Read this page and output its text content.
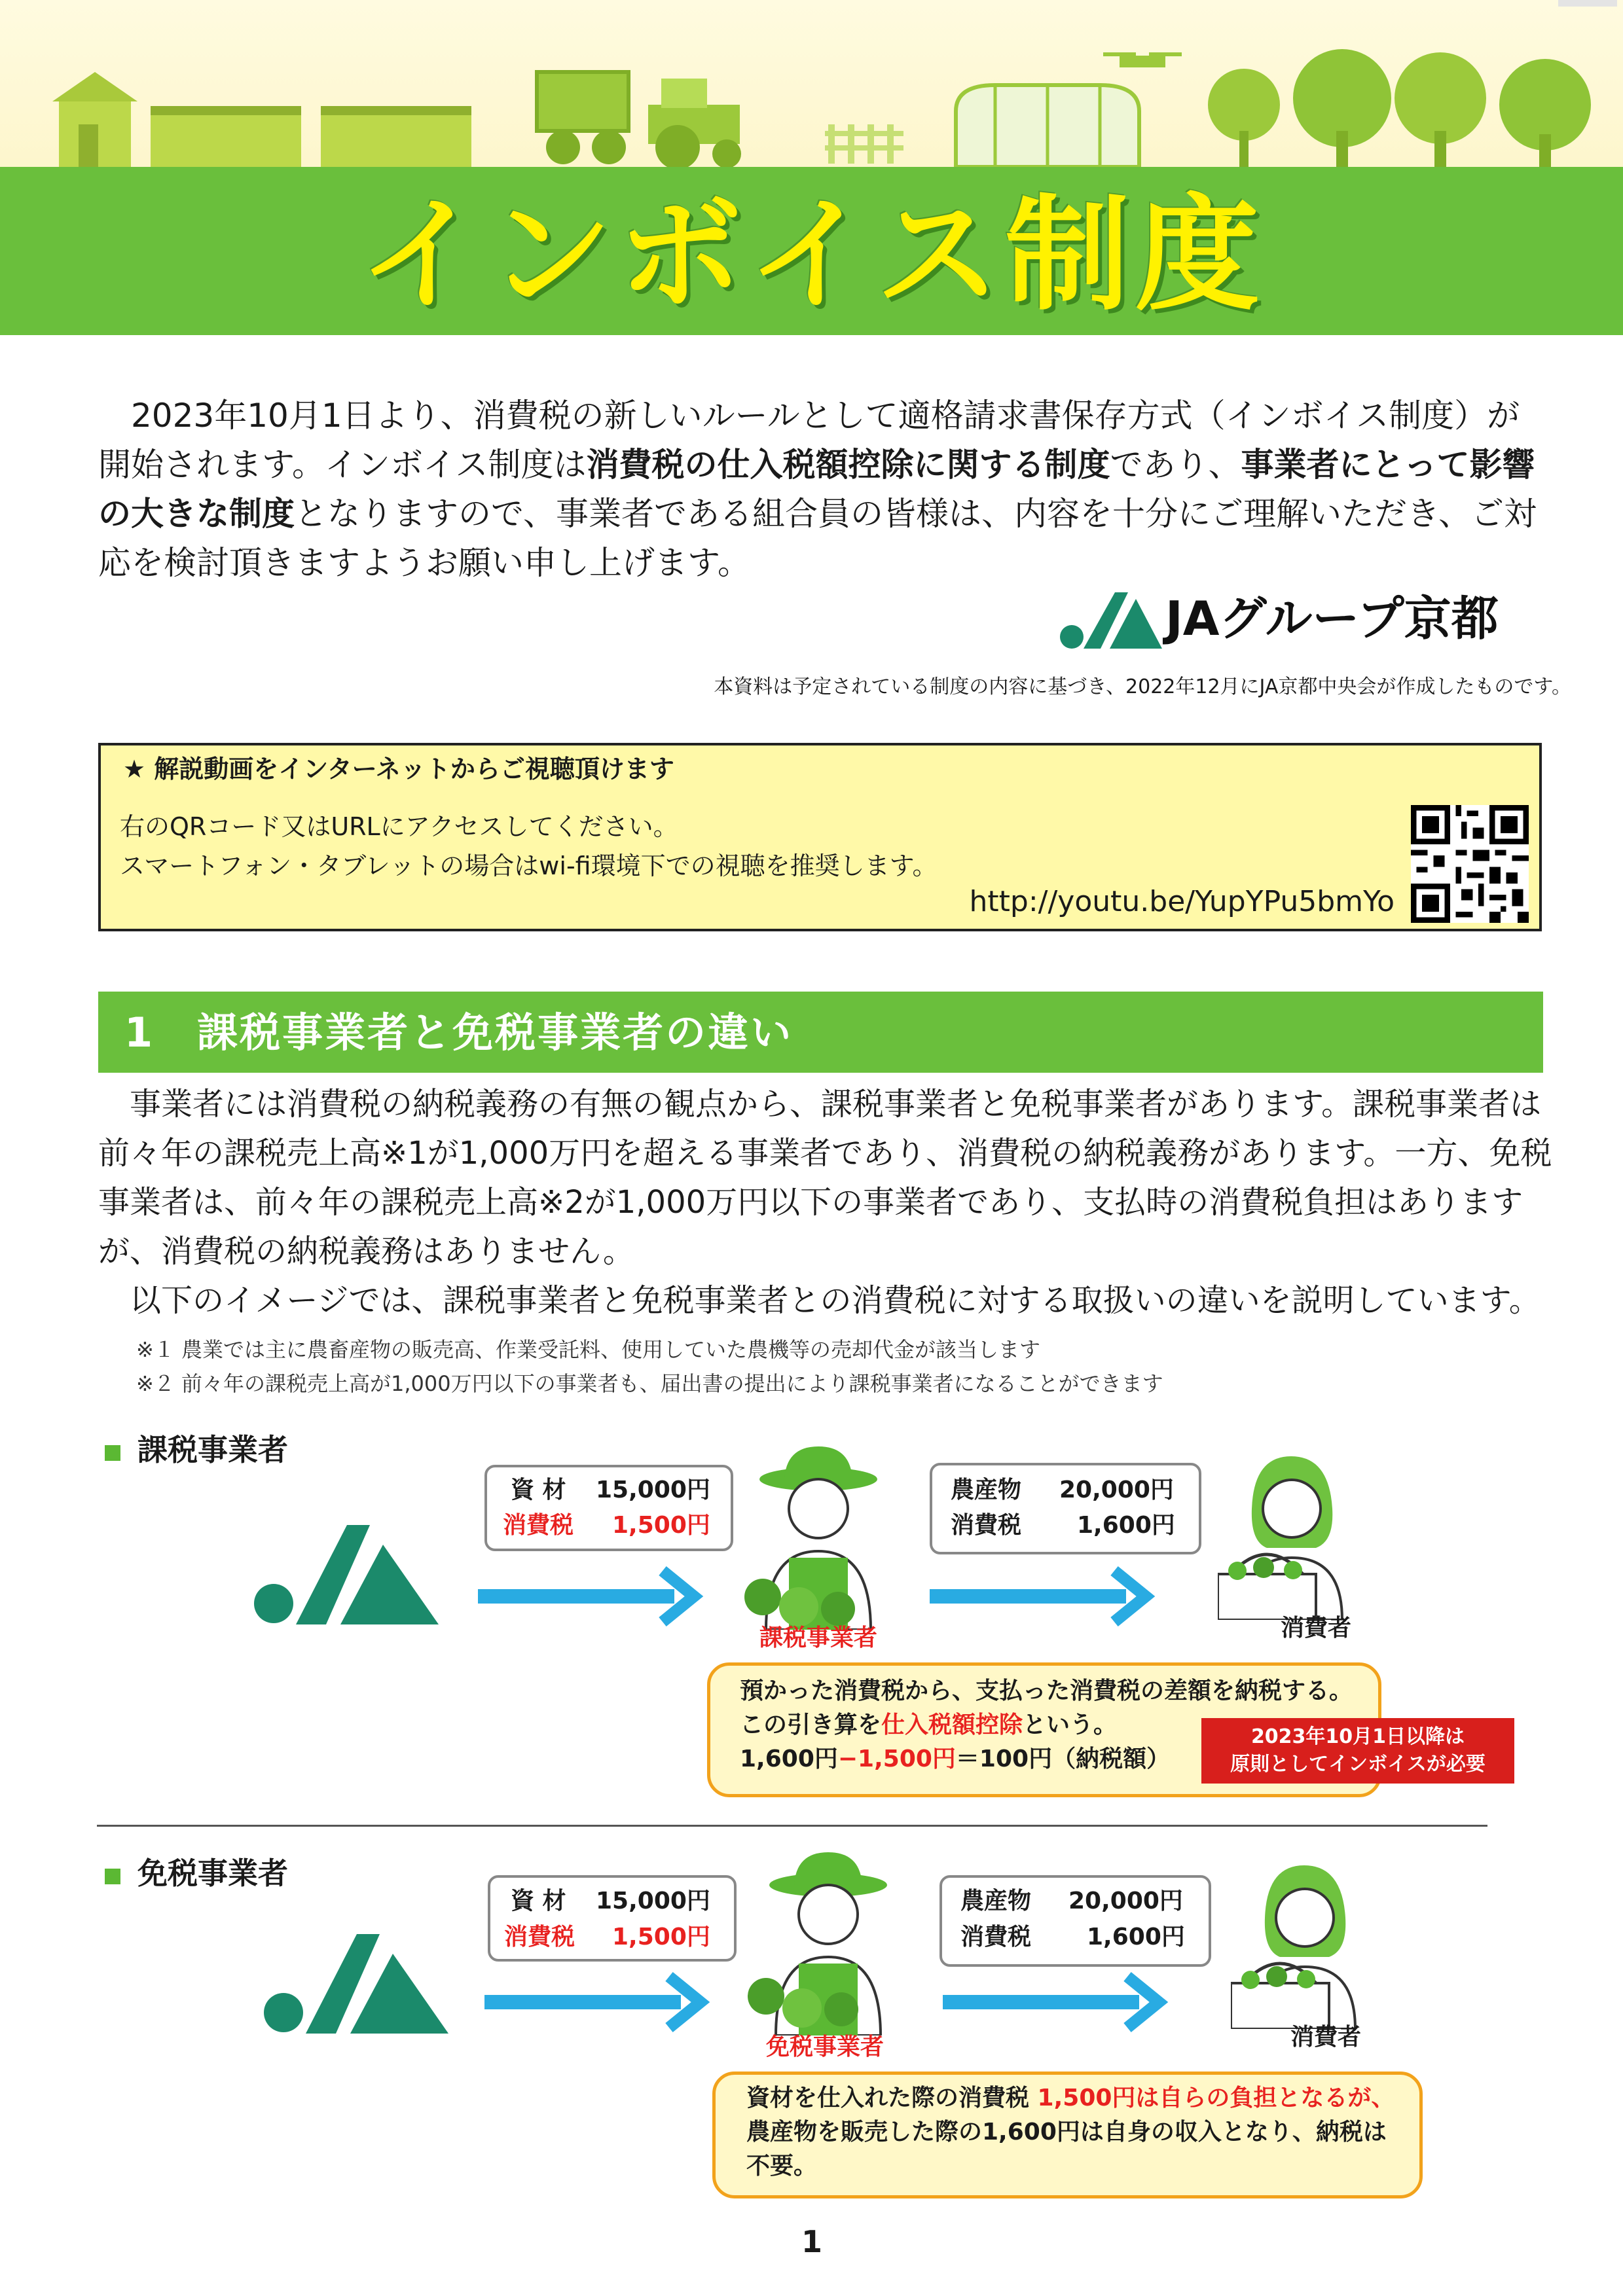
インボイス制度
2023年10月1日より、消費税の新しいルールとして適格請求書保存方式（インボイス制度）が開始されます。インボイス制度は消費税の仕入税額控除に関する制度であり、事業者にとって影響の大きな制度となりますので、事業者である組合員の皆様は、内容を十分にご理解いただき、ご対応を検討頂きますようお願い申し上げます。
JAグループ京都
本資料は予定されている制度の内容に基づき、2022年12月にJA京都中央会が作成したものです。
★ 解説動画をインターネットからご視聴頂けます
右のQRコード又はURLにアクセスしてください。
スマートフォン・タブレットの場合はwi-fi環境下での視聴を推奨します。
http://youtu.be/YupYPu5bmYo
1　課税事業者と免税事業者の違い
事業者には消費税の納税義務の有無の観点から、課税事業者と免税事業者があります。課税事業者は前々年の課税売上高※1が1,000万円を超える事業者であり、消費税の納税義務があります。一方、免税事業者は、前々年の課税売上高※2が1,000万円以下の事業者であり、支払時の消費税負担はありますが、消費税の納税義務はありません。
以下のイメージでは、課税事業者と免税事業者との消費税に対する取扱いの違いを説明しています。
※１ 農業では主に農畜産物の販売高、作業受託料、使用していた農機等の売却代金が該当します
※２ 前々年の課税売上高が1,000万円以下の事業者も、届出書の提出により課税事業者になることができます
課税事業者
資 材	15,000円
消費税 1,500円
課税事業者
農産物 20,000円
消費税 1,600円
消費者
預かった消費税から、支払った消費税の差額を納税する。
この引き算を仕入税額控除という。
1,600円−1,500円＝100円（納税額）
2023年10月1日以降は
原則としてインボイスが必要
免税事業者
資 材	15,000円
消費税 1,500円
免税事業者
農産物 20,000円
消費税 1,600円
消費者
資材を仕入れた際の消費税 1,500円は自らの負担となるが、
農産物を販売した際の1,600円は自身の収入となり、納税は
不要。
1
